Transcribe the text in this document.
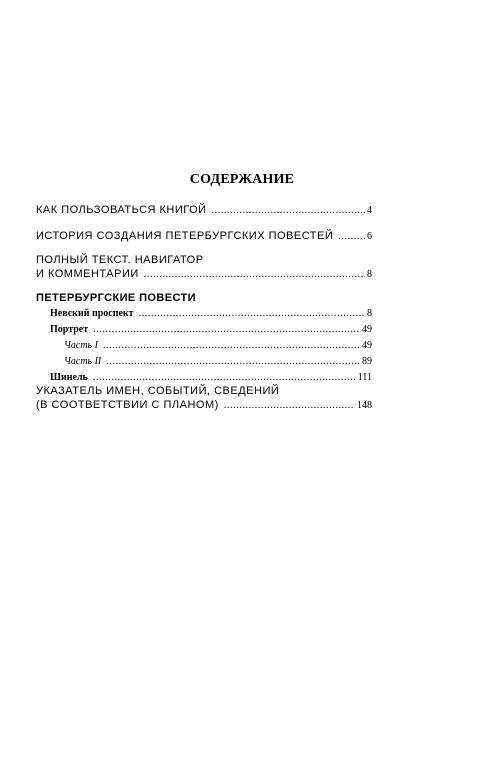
СОДЕРЖАНИЕ
КАК ПОЛЬЗОВАТЬСЯ КНИГОЙ .....	4
ИСТОРИЯ СОЗДАНИЯ ПЕТЕРБУРГСКИХ ПОВЕСТЕЙ .....	6
ПОЛНЫЙ ТЕКСТ. НАВИГАТОР
И КОММЕНТАРИИ .....	8
ПЕТЕРБУРГСКИЕ ПОВЕСТИ
Невский проспект .....	8
Портрет .....	49
Часть I .....	49
Часть II .....	89
Шинель .....	111
УКАЗАТЕЛЬ ИМЕН, СОБЫТИЙ, СВЕДЕНИЙ
(В СООТВЕТСТВИИ С ПЛАНОМ) .....	148
